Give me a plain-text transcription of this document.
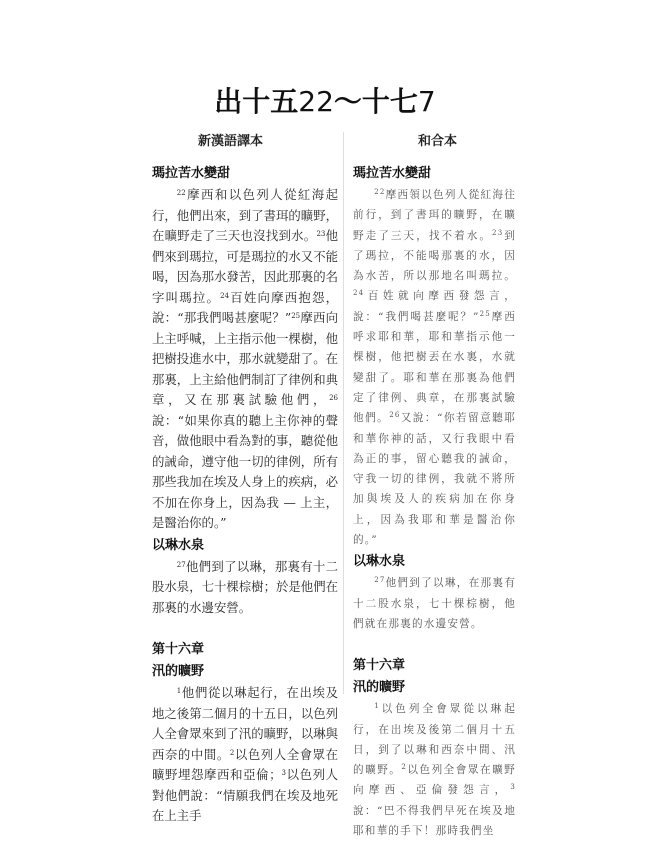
出十五22～十七7
新漢語譯本	和合本
瑪拉苦水變甜

$^{22}$摩西和以色列人從紅海起行，他們出來，到了書珥的曠野，在曠野走了三天也沒找到水。$^{23}$他們來到瑪拉，可是瑪拉的水又不能喝，因為那水發苦，因此那裏的名字叫瑪拉。$^{24}$百姓向摩西抱怨，說：“那我們喝甚麼呢？”$^{25}$摩西向上主呼喊，上主指示他一棵樹，他把樹投進水中，那水就變甜了。在那裏，上主給他們制訂了律例和典章，又在那裏試驗他們，$^{26}$說：“如果你真的聽上主你神的聲音，做他眼中看為對的事，聽從他的誡命，遵守他一切的律例，所有那些我加在埃及人身上的疾病，必不加在你身上，因為我 — 上主，是醫治你的。”

以琳水泉

$^{27}$他們到了以琳，那裏有十二股水泉，七十棵棕樹；於是他們在那裏的水邊安營。

第十六章
汛的曠野

$^1$他們從以琳起行，在出埃及地之後第二個月的十五日，以色列人全會眾來到了汛的曠野，以琳與西奈的中間。$^2$以色列人全會眾在曠野埋怨摩西和亞倫；$^3$以色列人對他們說：“情願我們在埃及地死在上主手

瑪拉苦水變甜

$^{22}$摩西領以色列人從紅海往前行，到了書珥的曠野，在曠野走了三天，找不着水。$^{23}$到了瑪拉，不能喝那裏的水，因為水苦，所以那地名叫瑪拉。$^{24}$百姓就向摩西發怨言，說：“我們喝甚麼呢？”$^{25}$摩西呼求耶和華，耶和華指示他一棵樹，他把樹丟在水裏，水就變甜了。耶和華在那裏為他們定了律例、典章，在那裏試驗他們。$^{26}$又說：“你若留意聽耶和華你神的話，又行我眼中看為正的事，留心聽我的誡命，守我一切的律例，我就不將所加與埃及人的疾病加在你身上，因為我耶和華是醫治你的。”

以琳水泉

$^{27}$他們到了以琳，在那裏有十二股水泉，七十棵棕樹，他們就在那裏的水邊安營。

第十六章
汛的曠野

$^1$以色列全會眾從以琳起行，在出埃及後第二個月十五日，到了以琳和西奈中間、汛的曠野。$^2$以色列全會眾在曠野向摩西、亞倫發怨言，$^3$說：“巴不得我們早死在埃及地耶和華的手下！那時我們坐
